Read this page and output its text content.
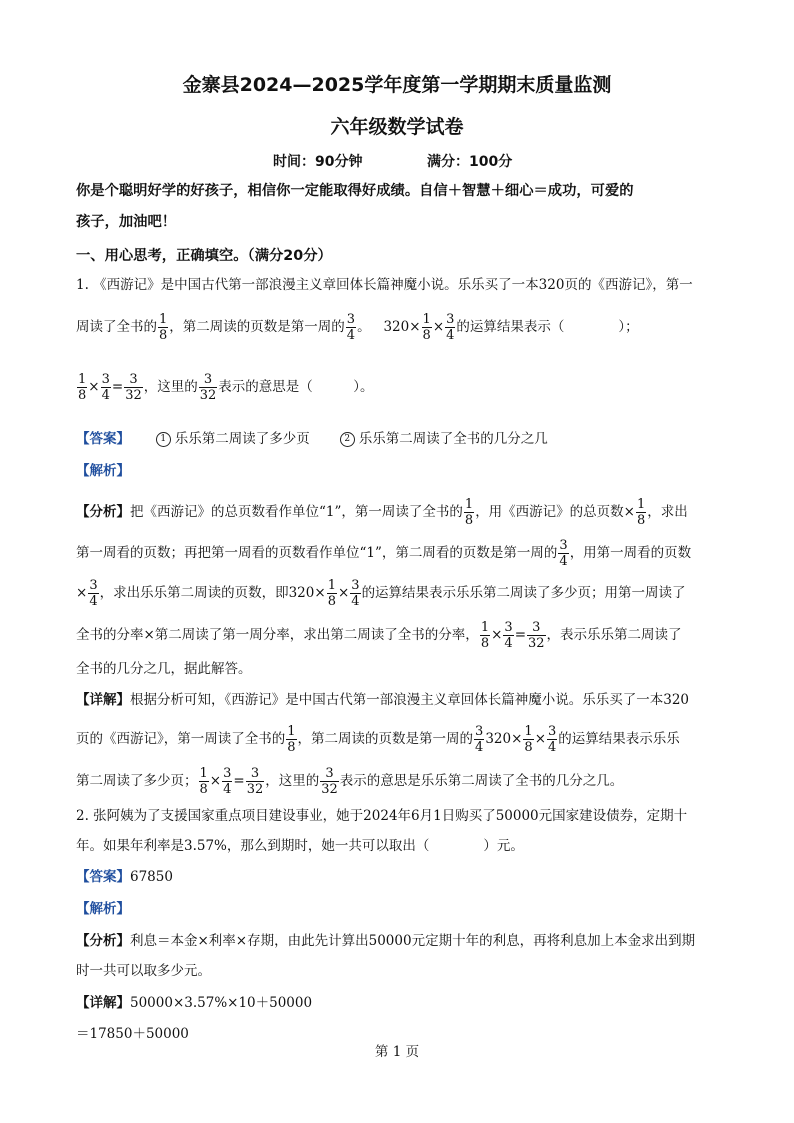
金寨县2024—2025学年度第一学期期末质量监测
六年级数学试卷
时间：90分钟	满分：100分
你是个聪明好学的好孩子，相信你一定能取得好成绩。自信＋智慧＋细心＝成功，可爱的
孩子，加油吧！
一、用心思考，正确填空。（满分20分）
1. 《西游记》是中国古代第一部浪漫主义章回体长篇神魔小说。乐乐买了一本320页的《西游记》，第一
周读了全书的 $\frac{1}{8}$ ，第二周读的页数是第一周的 $\frac{3}{4}$ 。 $320\times \frac{1}{8} \times \frac{3}{4}$ 的运算结果表示（　　　　）；
$\frac{1}{8} \times \frac{3}{4} = \frac{3}{32}$ ，这里的 $\frac{3}{32}$ 表示的意思是（　　　）。
【答案】	1 乐乐第二周读了多少页	2 乐乐第二周读了全书的几分之几
【解析】
【分析】把《西游记》的总页数看作单位“1”，第一周读了全书的 $\frac{1}{8}$ ，用《西游记》的总页数× $\frac{1}{8}$ ，求出
第一周看的页数；再把第一周看的页数看作单位“1”，第二周看的页数是第一周的 $\frac{3}{4}$ ，用第一周看的页数
× $\frac{3}{4}$ ，求出乐乐第二周读的页数，即$320\times \frac{1}{8} \times \frac{3}{4}$ 的运算结果表示乐乐第二周读了多少页；用第一周读了
全书的分率×第二周读了第一周分率，求出第二周读了全书的分率， $\frac{1}{8} \times \frac{3}{4} = \frac{3}{32}$ ，表示乐乐第二周读了
全书的几分之几，据此解答。
【详解】根据分析可知，《西游记》是中国古代第一部浪漫主义章回体长篇神魔小说。乐乐买了一本320
页的《西游记》，第一周读了全书的 $\frac{1}{8}$ ，第二周读的页数是第一周的 $\frac{3}{4} 320\times \frac{1}{8} \times \frac{3}{4}$ 的运算结果表示乐乐
第二周读了多少页； $\frac{1}{8} \times \frac{3}{4} = \frac{3}{32}$ ，这里的 $\frac{3}{32}$ 表示的意思是乐乐第二周读了全书的几分之几。
2. 张阿姨为了支援国家重点项目建设事业，她于2024年6月1日购买了50000元国家建设债券，定期十
年。如果年利率是3.57%，那么到期时，她一共可以取出（　　　　）元。
【答案】67850
【解析】
【分析】利息＝本金×利率×存期，由此先计算出50000元定期十年的利息，再将利息加上本金求出到期
时一共可以取多少元。
【详解】50000×3.57%×10＋50000
＝17850＋50000
第 1 页
